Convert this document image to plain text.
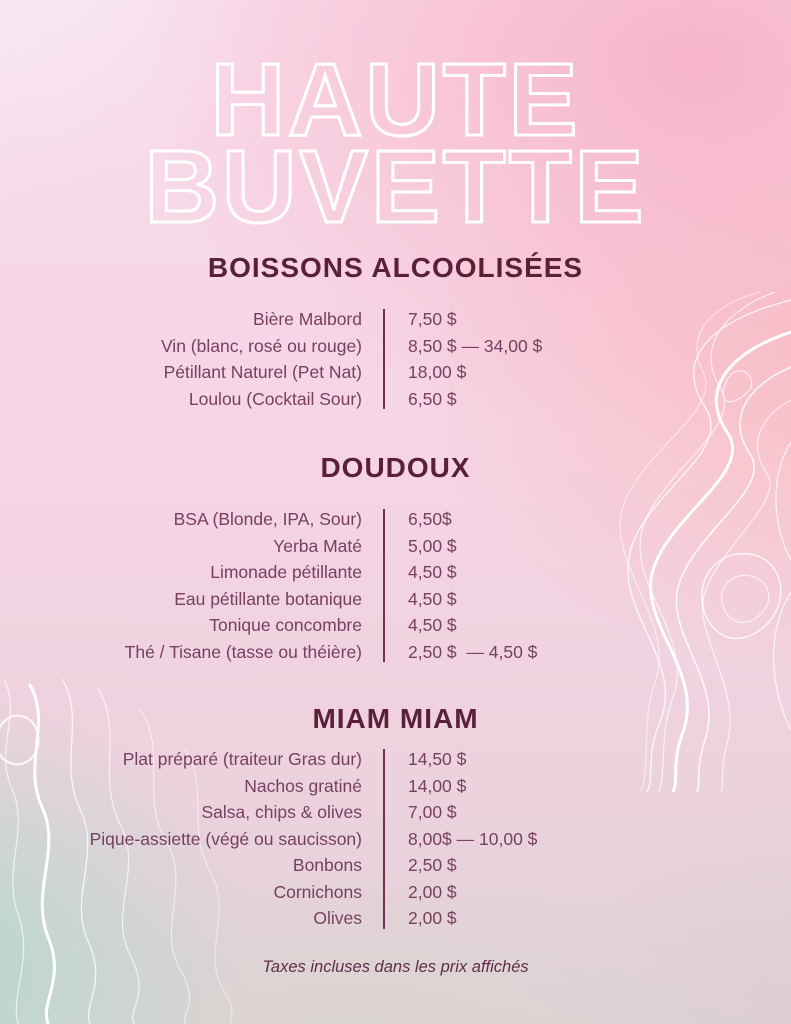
HAUTE
BUVETTE
BOISSONS ALCOOLISÉES
Bière Malbord	7,50 $
Vin (blanc, rosé ou rouge)	8,50 $ — 34,00 $
Pétillant Naturel (Pet Nat)	18,00 $
Loulou (Cocktail Sour)	6,50 $
DOUDOUX
BSA (Blonde, IPA, Sour)	6,50$
Yerba Maté	5,00 $
Limonade pétillante	4,50 $
Eau pétillante botanique	4,50 $
Tonique concombre	4,50 $
Thé / Tisane (tasse ou théière)	2,50 $  — 4,50 $
MIAM MIAM
Plat préparé (traiteur Gras dur)	14,50 $
Nachos gratiné	14,00 $
Salsa, chips & olives	7,00 $
Pique-assiette (végé ou saucisson)	8,00$ — 10,00 $
Bonbons	2,50 $
Cornichons	2,00 $
Olives	2,00 $
Taxes incluses dans les prix affichés
